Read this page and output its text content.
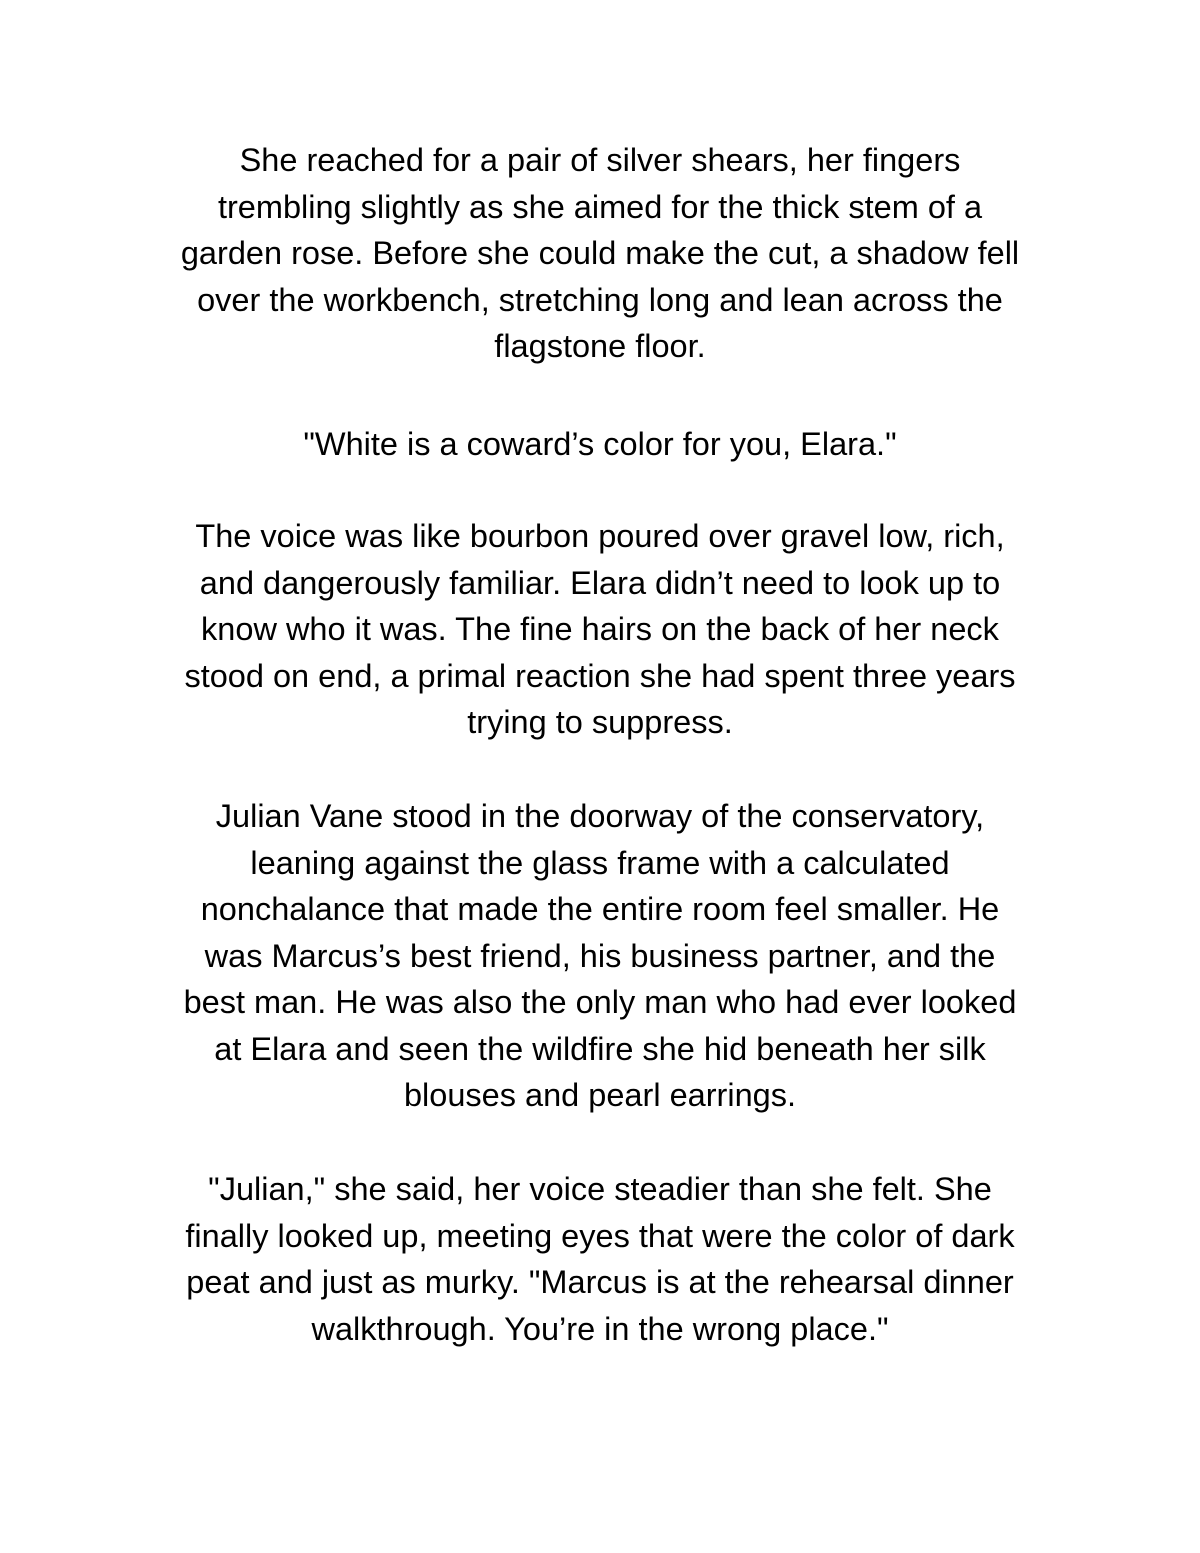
She reached for a pair of silver shears, her fingers
trembling slightly as she aimed for the thick stem of a
garden rose. Before she could make the cut, a shadow fell
over the workbench, stretching long and lean across the
flagstone floor.

"White is a coward’s color for you, Elara."

The voice was like bourbon poured over gravel low, rich,
and dangerously familiar. Elara didn’t need to look up to
know who it was. The fine hairs on the back of her neck
stood on end, a primal reaction she had spent three years
trying to suppress.

Julian Vane stood in the doorway of the conservatory,
leaning against the glass frame with a calculated
nonchalance that made the entire room feel smaller. He
was Marcus’s best friend, his business partner, and the
best man. He was also the only man who had ever looked
at Elara and seen the wildfire she hid beneath her silk
blouses and pearl earrings.

"Julian," she said, her voice steadier than she felt. She
finally looked up, meeting eyes that were the color of dark
peat and just as murky. "Marcus is at the rehearsal dinner
walkthrough. You’re in the wrong place."
